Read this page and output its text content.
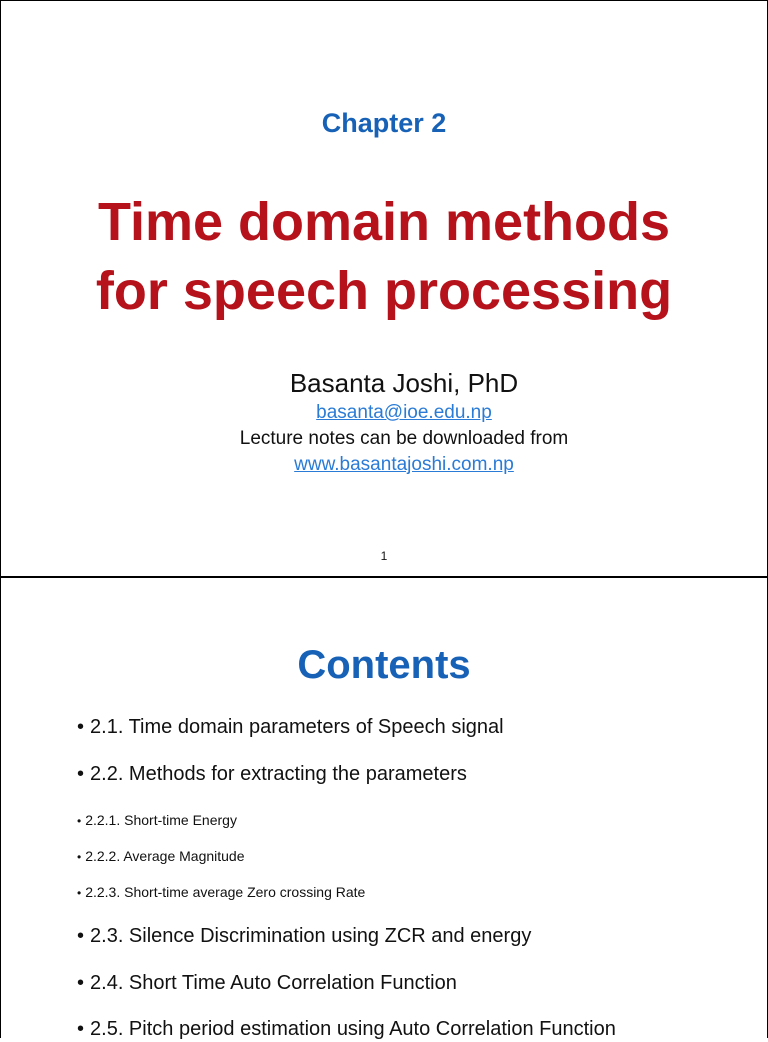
Chapter 2
Time domain methods
for speech processing
Basanta Joshi, PhD
basanta@ioe.edu.np
Lecture notes can be downloaded from
www.basantajoshi.com.np
1
Contents
• 2.1. Time domain parameters of Speech signal
• 2.2. Methods for extracting the parameters
• 2.2.1. Short-time Energy
• 2.2.2. Average Magnitude
• 2.2.3. Short-time average Zero crossing Rate
• 2.3. Silence Discrimination using ZCR and energy
• 2.4. Short Time Auto Correlation Function
• 2.5. Pitch period estimation using Auto Correlation Function
